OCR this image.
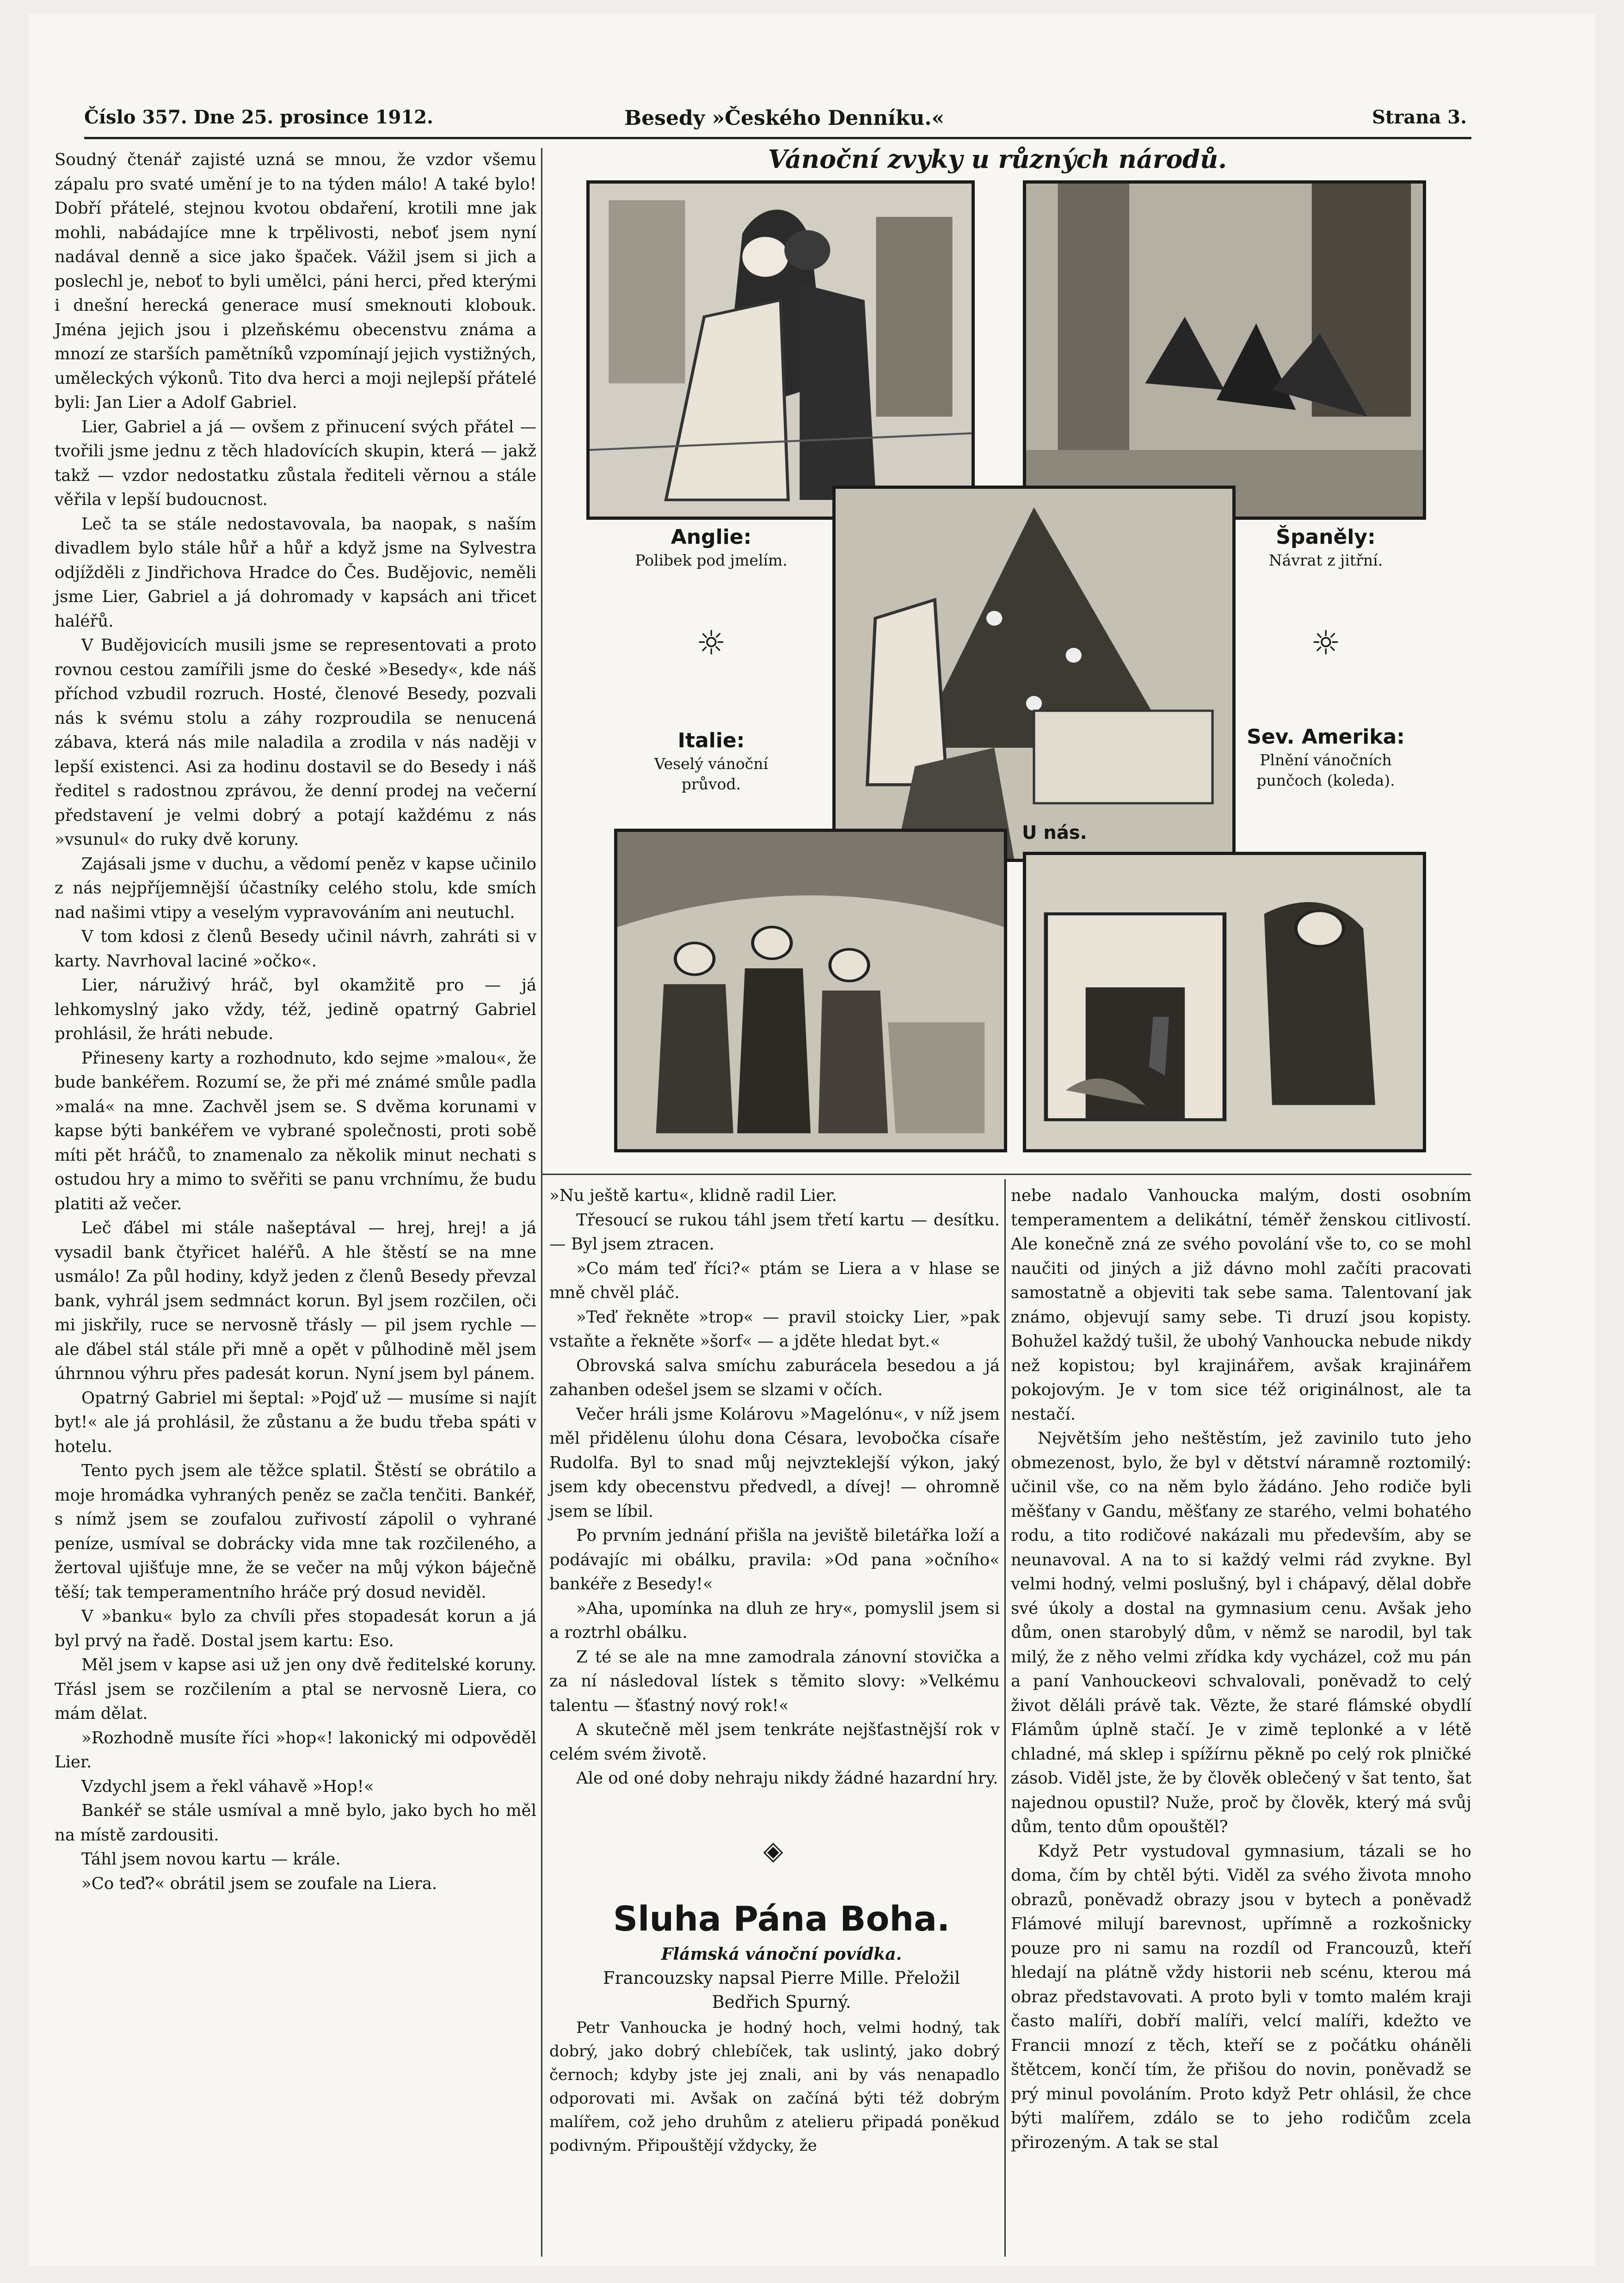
Číslo 357. Dne 25. prosince 1912.	Besedy »Českého Denníku.«	Strana 3.

Soudný čtenář zajisté uzná se mnou, že vzdor všemu zápalu pro svaté umění je to na týden málo! A také bylo! Dobří přátelé, stejnou kvotou obdaření, krotili mne jak mohli, nabádajíce mne k trpělivosti, neboť jsem nyní nadával denně a sice jako špaček. Vážil jsem si jich a poslechl je, neboť to byli umělci, páni herci, před kterými i dnešní herecká generace musí smeknouti klobouk. Jména jejich jsou i plzeňskému obecenstvu známa a mnozí ze starších pamětníků vzpomínají jejich vystižných, uměleckých výkonů. Tito dva herci a moji nejlepší přátelé byli: Jan Lier a Adolf Gabriel.

Lier, Gabriel a já — ovšem z přinucení svých přátel — tvořili jsme jednu z těch hladovících skupin, která — jakž takž — vzdor nedostatku zůstala řediteli věrnou a stále věřila v lepší budoucnost.

Leč ta se stále nedostavovala, ba naopak, s naším divadlem bylo stále hůř a hůř a když jsme na Sylvestra odjížděli z Jindřichova Hradce do Čes. Budějovic, neměli jsme Lier, Gabriel a já dohromady v kapsách ani třicet haléřů.

V Budějovicích musili jsme se representovati a proto rovnou cestou zamířili jsme do české »Besedy«, kde náš příchod vzbudil rozruch. Hosté, členové Besedy, pozvali nás k svému stolu a záhy rozproudila se nenucená zábava, která nás mile naladila a zrodila v nás naději v lepší existenci. Asi za hodinu dostavil se do Besedy i náš ředitel s radostnou zprávou, že denní prodej na večerní představení je velmi dobrý a potají každému z nás »vsunul« do ruky dvě koruny.

Zajásali jsme v duchu, a vědomí peněz v kapse učinilo z nás nejpříjemnější účastníky celého stolu, kde smích nad našimi vtipy a veselým vypravováním ani neutuchl.

V tom kdosi z členů Besedy učinil návrh, zahráti si v karty. Navrhoval laciné »očko«.

Lier, náruživý hráč, byl okamžitě pro — já lehkomyslný jako vždy, též, jedině opatrný Gabriel prohlásil, že hráti nebude.

Přineseny karty a rozhodnuto, kdo sejme »malou«, že bude bankéřem. Rozumí se, že při mé známé smůle padla »malá« na mne. Zachvěl jsem se. S dvěma korunami v kapse býti bankéřem ve vybrané společnosti, proti sobě míti pět hráčů, to znamenalo za několik minut nechati s ostudou hry a mimo to svěřiti se panu vrchnímu, že budu platiti až večer.

Leč ďábel mi stále našeptával — hrej, hrej! a já vysadil bank čtyřicet haléřů. A hle štěstí se na mne usmálo! Za půl hodiny, když jeden z členů Besedy převzal bank, vyhrál jsem sedmnáct korun. Byl jsem rozčilen, oči mi jiskřily, ruce se nervosně třásly — pil jsem rychle — ale ďábel stál stále při mně a opět v půlhodině měl jsem úhrnnou výhru přes padesát korun. Nyní jsem byl pánem.

Opatrný Gabriel mi šeptal: »Pojď už — musíme si najít byt!« ale já prohlásil, že zůstanu a že budu třeba spáti v hotelu.

Tento pych jsem ale těžce splatil. Štěstí se obrátilo a moje hromádka vyhraných peněz se začla tenčiti. Bankéř, s nímž jsem se zoufalou zuřivostí zápolil o vyhrané peníze, usmíval se dobrácky vida mne tak rozčileného, a žertoval ujišťuje mne, že se večer na můj výkon báječně těší; tak temperamentního hráče prý dosud neviděl.

V »banku« bylo za chvíli přes stopadesát korun a já byl prvý na řadě. Dostal jsem kartu: Eso.

Měl jsem v kapse asi už jen ony dvě ředitelské koruny. Třásl jsem se rozčilením a ptal se nervosně Liera, co mám dělat.

»Rozhodně musíte říci »hop«! lakonický mi odpověděl Lier.

Vzdychl jsem a řekl váhavě »Hop!«

Bankéř se stále usmíval a mně bylo, jako bych ho měl na místě zardousiti.

Táhl jsem novou kartu — krále.

»Co teď?« obrátil jsem se zoufale na Liera.

Vánoční zvyky u různých národů.
Anglie:
Polibek pod jmelím.
☼
Italie:
Veselý vánoční
průvod.
Španěly:
Návrat z jitřní.
☼
Sev. Amerika:
Plnění vánočních
punčoch (koleda).
U nás.

»Nu ještě kartu«, klidně radil Lier.

Třesoucí se rukou táhl jsem třetí kartu — desítku. — Byl jsem ztracen.

»Co mám teď říci?« ptám se Liera a v hlase se mně chvěl pláč.

»Teď řekněte »trop« — pravil stoicky Lier, »pak vstaňte a řekněte »šorf« — a jděte hledat byt.«

Obrovská salva smíchu zaburácela besedou a já zahanben odešel jsem se slzami v očích.

Večer hráli jsme Kolárovu »Magelónu«, v níž jsem měl přidělenu úlohu dona Césara, levobočka císaře Rudolfa. Byl to snad můj nejvzteklejší výkon, jaký jsem kdy obecenstvu předvedl, a dívej! — ohromně jsem se líbil.

Po prvním jednání přišla na jeviště biletářka loží a podávajíc mi obálku, pravila: »Od pana »očního« bankéře z Besedy!«

»Aha, upomínka na dluh ze hry«, pomyslil jsem si a roztrhl obálku.

Z té se ale na mne zamodrala zánovní stovička a za ní následoval lístek s těmito slovy: »Velkému talentu — šťastný nový rok!«

A skutečně měl jsem tenkráte nejšťastnější rok v celém svém životě.

Ale od oné doby nehraju nikdy žádné hazardní hry.

◈
Sluha Pána Boha.
Flámská vánoční povídka.
Francouzsky napsal Pierre Mille. Přeložil
Bedřich Spurný.

Petr Vanhoucka je hodný hoch, velmi hodný, tak dobrý, jako dobrý chlebíček, tak uslintý, jako dobrý černoch; kdyby jste jej znali, ani by vás nenapadlo odporovati mi. Avšak on začíná býti též dobrým malířem, což jeho druhům z atelieru připadá poněkud podivným. Připouštějí vždycky, že

nebe nadalo Vanhoucka malým, dosti osobním temperamentem a delikátní, téměř ženskou citlivostí. Ale konečně zná ze svého povolání vše to, co se mohl naučiti od jiných a již dávno mohl začíti pracovati samostatně a objeviti tak sebe sama. Talentovaní jak známo, objevují samy sebe. Ti druzí jsou kopisty. Bohužel každý tušil, že ubohý Vanhoucka nebude nikdy než kopistou; byl krajinářem, avšak krajinářem pokojovým. Je v tom sice též originálnost, ale ta nestačí.

Největším jeho neštěstím, jež zavinilo tuto jeho obmezenost, bylo, že byl v dětství náramně roztomilý: učinil vše, co na něm bylo žádáno. Jeho rodiče byli měšťany v Gandu, měšťany ze starého, velmi bohatého rodu, a tito rodičové nakázali mu především, aby se neunavoval. A na to si každý velmi rád zvykne. Byl velmi hodný, velmi poslušný, byl i chápavý, dělal dobře své úkoly a dostal na gymnasium cenu. Avšak jeho dům, onen starobylý dům, v němž se narodil, byl tak milý, že z něho velmi zřídka kdy vycházel, což mu pán a paní Vanhouckeovi schvalovali, poněvadž to celý život děláli právě tak. Vězte, že staré flámské obydlí Flámům úplně stačí. Je v zimě teplonké a v létě chladné, má sklep i spížírnu pěkně po celý rok plničké zásob. Viděl jste, že by člověk oblečený v šat tento, šat najednou opustil? Nuže, proč by člověk, který má svůj dům, tento dům opouštěl?

Když Petr vystudoval gymnasium, tázali se ho doma, čím by chtěl býti. Viděl za svého života mnoho obrazů, poněvadž obrazy jsou v bytech a poněvadž Flámové milují barevnost, upřímně a rozkošnicky pouze pro ni samu na rozdíl od Francouzů, kteří hledají na plátně vždy historii neb scénu, kterou má obraz představovati. A proto byli v tomto malém kraji často malíři, dobří malíři, velcí malíři, kdežto ve Francii mnozí z těch, kteří se z počátku oháněli štětcem, končí tím, že přišou do novin, poněvadž se prý minul povoláním. Proto když Petr ohlásil, že chce býti malířem, zdálo se to jeho rodičům zcela přirozeným. A tak se stal
